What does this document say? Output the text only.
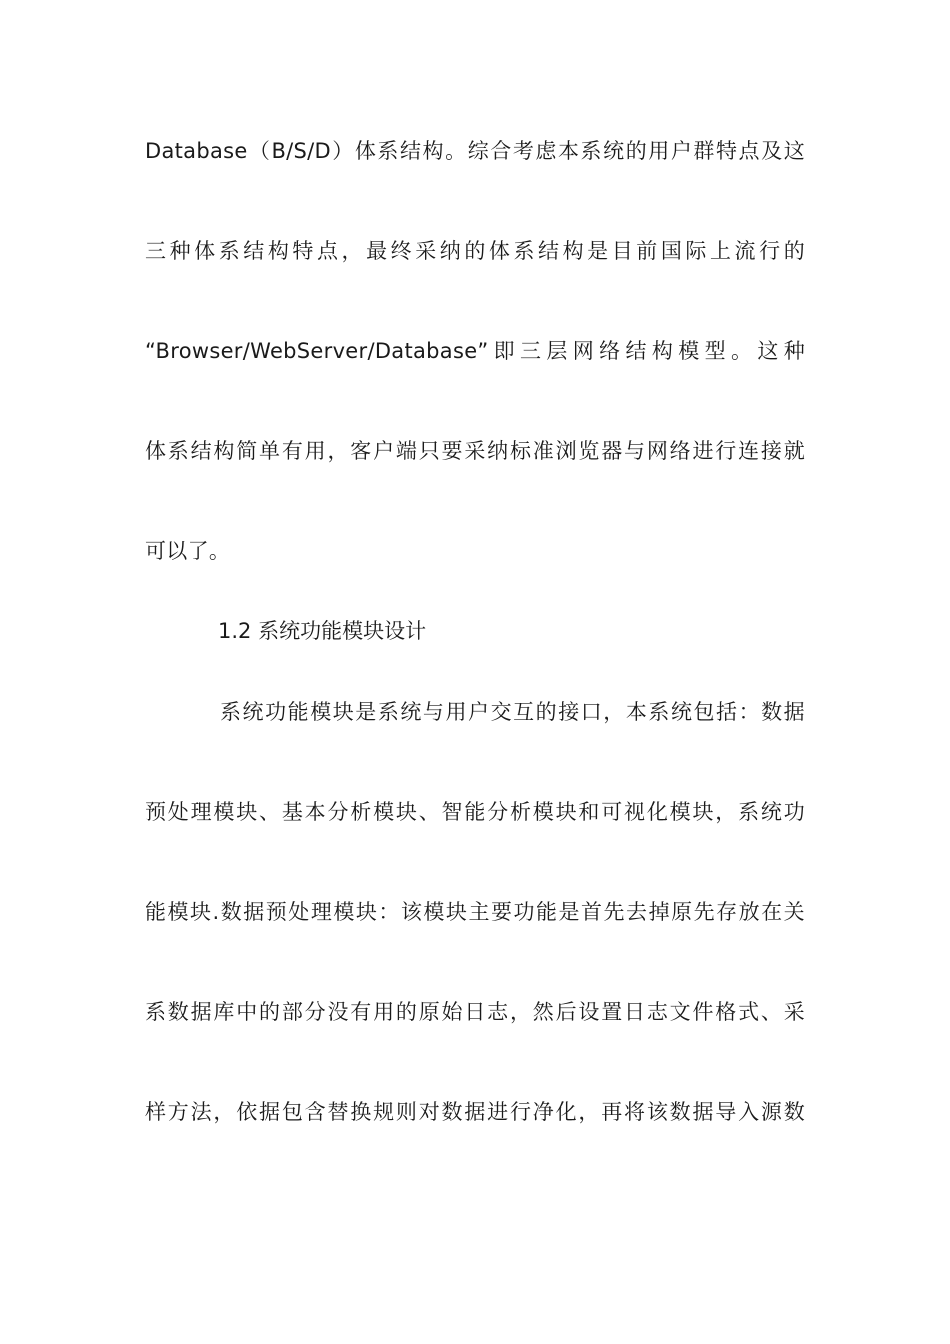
Database（B/S/D）体系结构。综合考虑本系统的用户群特点及这
三种体系结构特点，最终采纳的体系结构是目前国际上流行的
“Browser/WebServer/Database”即三层网络结构模型。这种
体系结构简单有用，客户端只要采纳标准浏览器与网络进行连接就
可以了。
1.2 系统功能模块设计
系统功能模块是系统与用户交互的接口，本系统包括：数据
预处理模块、基本分析模块、智能分析模块和可视化模块，系统功
能模块.数据预处理模块：该模块主要功能是首先去掉原先存放在关
系数据库中的部分没有用的原始日志，然后设置日志文件格式、采
样方法，依据包含替换规则对数据进行净化，再将该数据导入源数
